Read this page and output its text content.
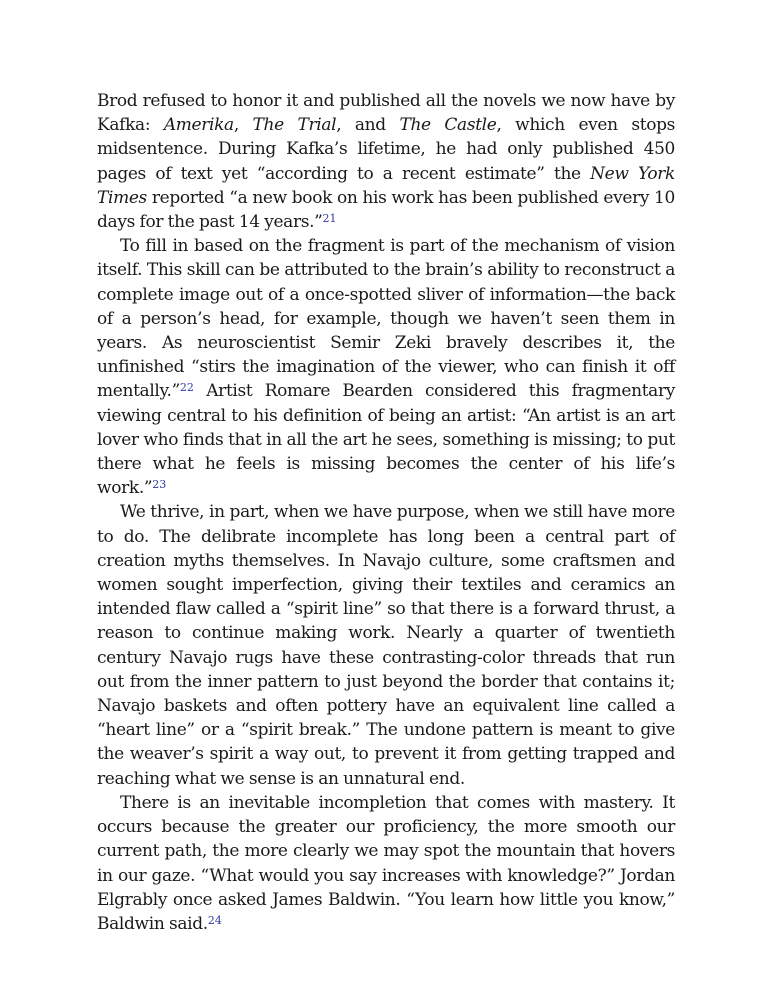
Brod refused to honor it and published all the novels we now have by Kafka: Amerika, The Trial, and The Castle, which even stops midsentence. During Kafka’s lifetime, he had only published 450 pages of text yet “according to a recent estimate” the New York Times reported “a new book on his work has been published every 10 days for the past 14 years.”$^{21}$

To fill in based on the fragment is part of the mechanism of vision itself. This skill can be attributed to the brain’s ability to reconstruct a complete image out of a once-spotted sliver of information—the back of a person’s head, for example, though we haven’t seen them in years. As neuroscientist Semir Zeki bravely describes it, the unfinished “stirs the imagination of the viewer, who can finish it off mentally.”$^{22}$ Artist Romare Bearden considered this fragmentary viewing central to his definition of being an artist: “An artist is an art lover who finds that in all the art he sees, something is missing; to put there what he feels is missing becomes the center of his life’s work.”$^{23}$

We thrive, in part, when we have purpose, when we still have more to do. The delibrate incomplete has long been a central part of creation myths themselves. In Navajo culture, some craftsmen and women sought imperfection, giving their textiles and ceramics an intended flaw called a “spirit line” so that there is a forward thrust, a reason to continue making work. Nearly a quarter of twentieth century Navajo rugs have these contrasting-color threads that run out from the inner pattern to just beyond the border that contains it; Navajo baskets and often pottery have an equivalent line called a “heart line” or a “spirit break.” The undone pattern is meant to give the weaver’s spirit a way out, to prevent it from getting trapped and reaching what we sense is an unnatural end.

There is an inevitable incompletion that comes with mastery. It occurs because the greater our proficiency, the more smooth our current path, the more clearly we may spot the mountain that hovers in our gaze. “What would you say increases with knowledge?” Jordan Elgrably once asked James Baldwin. “You learn how little you know,” Baldwin said.$^{24}$
